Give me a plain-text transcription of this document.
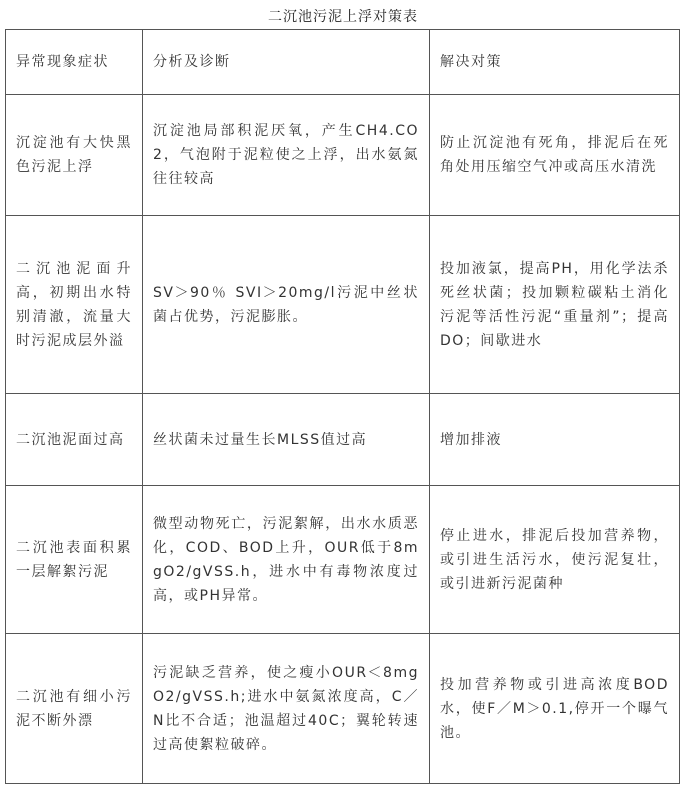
二沉池污泥上浮对策表
异常现象症状	分析及诊断	解决对策
沉淀池有大快黑色污泥上浮	沉淀池局部积泥厌氧，产生CH4.CO2，气泡附于泥粒使之上浮，出水氨氮往往较高	防止沉淀池有死角，排泥后在死角处用压缩空气冲或高压水清洗
二沉池泥面升高，初期出水特别清澈，流量大时污泥成层外溢	SV＞90％ SVI＞20mg/l污泥中丝状菌占优势，污泥膨胀。	投加液氯，提高PH，用化学法杀死丝状菌；投加颗粒碳粘土消化污泥等活性污泥“重量剂”；提高DO；间歇进水
二沉池泥面过高	丝状菌未过量生长MLSS值过高	增加排液
二沉池表面积累一层解絮污泥	微型动物死亡，污泥絮解，出水水质恶化，COD、BOD上升，OUR低于8mgO2/gVSS.h，进水中有毒物浓度过高，或PH异常。	停止进水，排泥后投加营养物，或引进生活污水，使污泥复壮，或引进新污泥菌种
二沉池有细小污泥不断外漂	污泥缺乏营养，使之瘦小OUR＜8mgO2/gVSS.h;进水中氨氮浓度高，C／N比不合适；池温超过40C；翼轮转速过高使絮粒破碎。	投加营养物或引进高浓度BOD水，使F／M＞0.1,停开一个曝气池。
